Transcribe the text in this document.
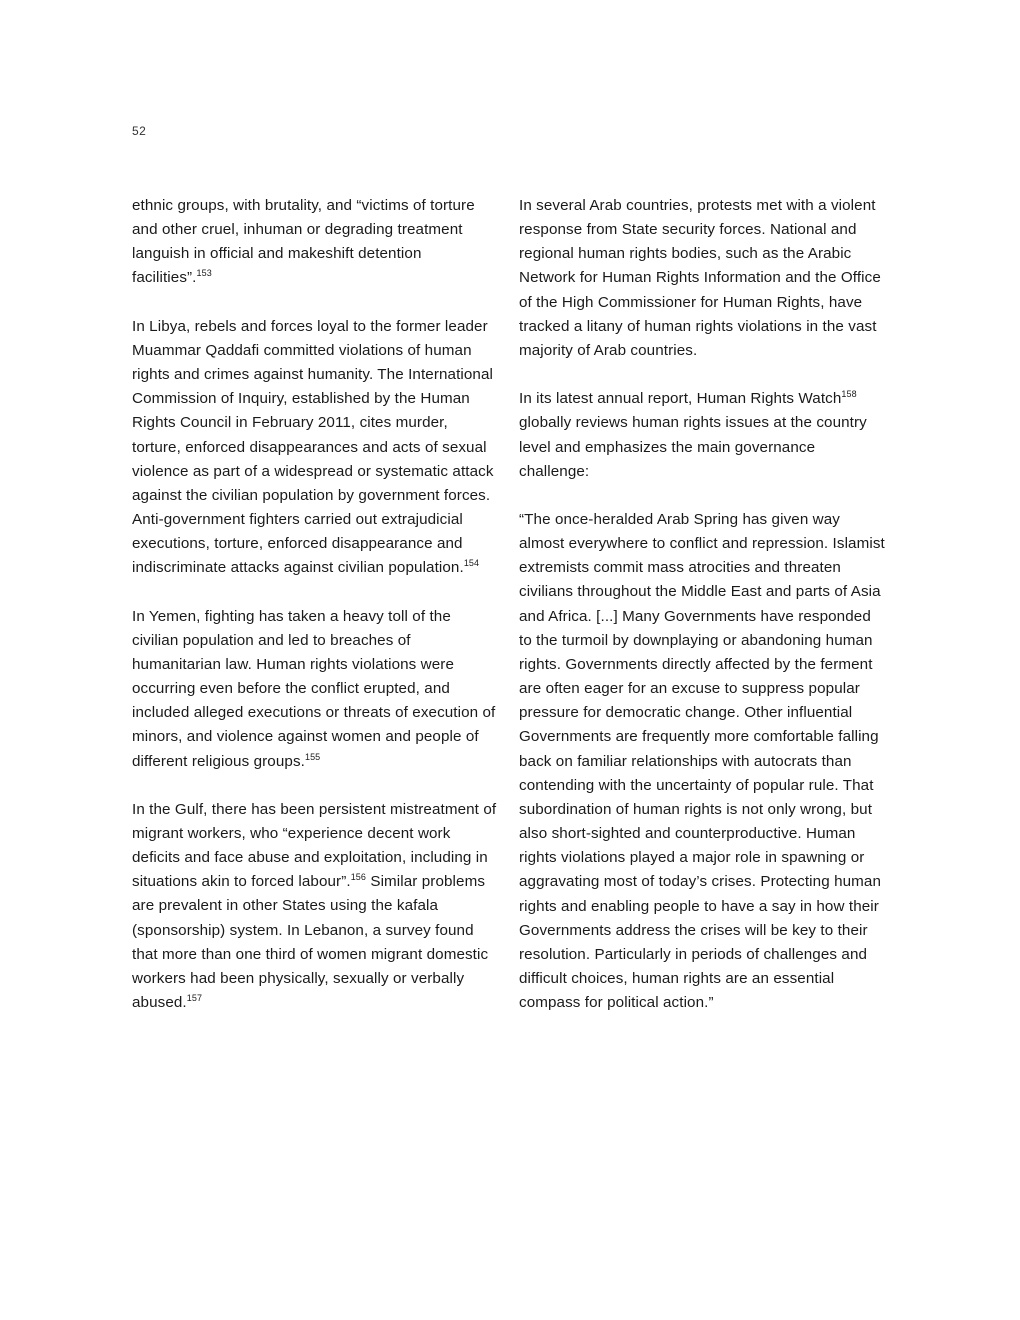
52

ethnic groups, with brutality, and “victims of torture and other cruel, inhuman or degrading treatment languish in official and makeshift detention facilities”.$^{153}$

In Libya, rebels and forces loyal to the former leader Muammar Qaddafi committed violations of human rights and crimes against humanity. The International Commission of Inquiry, established by the Human Rights Council in February 2011, cites murder, torture, enforced disappearances and acts of sexual violence as part of a widespread or systematic attack against the civilian population by government forces. Anti-government fighters carried out extrajudicial executions, torture, enforced disappearance and indiscriminate attacks against civilian population.$^{154}$

In Yemen, fighting has taken a heavy toll of the civilian population and led to breaches of humanitarian law. Human rights violations were occurring even before the conflict erupted, and included alleged executions or threats of execution of minors, and violence against women and people of different religious groups.$^{155}$

In the Gulf, there has been persistent mistreatment of migrant workers, who “experience decent work deficits and face abuse and exploitation, including in situations akin to forced labour”.$^{156}$ Similar problems are prevalent in other States using the kafala (sponsorship) system. In Lebanon, a survey found that more than one third of women migrant domestic workers had been physically, sexually or verbally abused.$^{157}$

In several Arab countries, protests met with a violent response from State security forces. National and regional human rights bodies, such as the Arabic Network for Human Rights Information and the Office of the High Commissioner for Human Rights, have tracked a litany of human rights violations in the vast majority of Arab countries.

In its latest annual report, Human Rights Watch$^{158}$ globally reviews human rights issues at the country level and emphasizes the main governance challenge:

“The once-heralded Arab Spring has given way almost everywhere to conflict and repression. Islamist extremists commit mass atrocities and threaten civilians throughout the Middle East and parts of Asia and Africa. [...] Many Governments have responded to the turmoil by downplaying or abandoning human rights. Governments directly affected by the ferment are often eager for an excuse to suppress popular pressure for democratic change. Other influential Governments are frequently more comfortable falling back on familiar relationships with autocrats than contending with the uncertainty of popular rule. That subordination of human rights is not only wrong, but also short-sighted and counterproductive. Human rights violations played a major role in spawning or aggravating most of today’s crises. Protecting human rights and enabling people to have a say in how their Governments address the crises will be key to their resolution. Particularly in periods of challenges and difficult choices, human rights are an essential compass for political action.”
